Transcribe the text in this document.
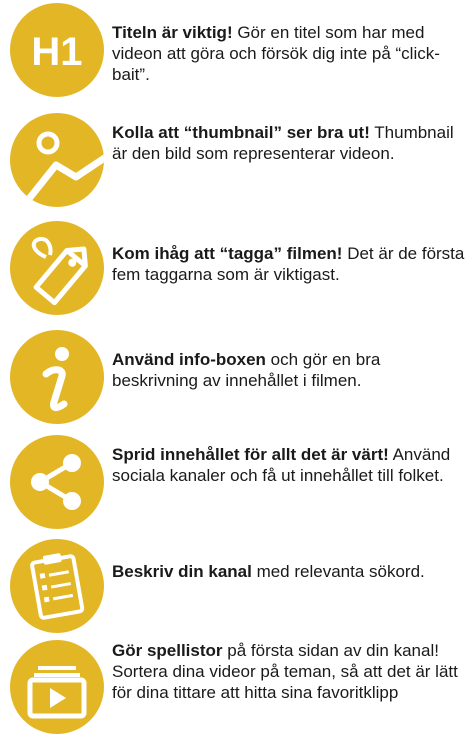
H1 Titeln är viktig! Gör en titel som har med videon att göra och försök dig inte på “click-bait”.
Kolla att “thumbnail” ser bra ut! Thumbnail är den bild som representerar videon.
Kom ihåg att “tagga” filmen! Det är de första fem taggarna som är viktigast.
Använd info-boxen och gör en bra beskrivning av innehållet i filmen.
Sprid innehållet för allt det är värt! Använd sociala kanaler och få ut innehållet till folket.
Beskriv din kanal med relevanta sökord.
Gör spellistor på första sidan av din kanal! Sortera dina videor på teman, så att det är lätt för dina tittare att hitta sina favoritklipp
